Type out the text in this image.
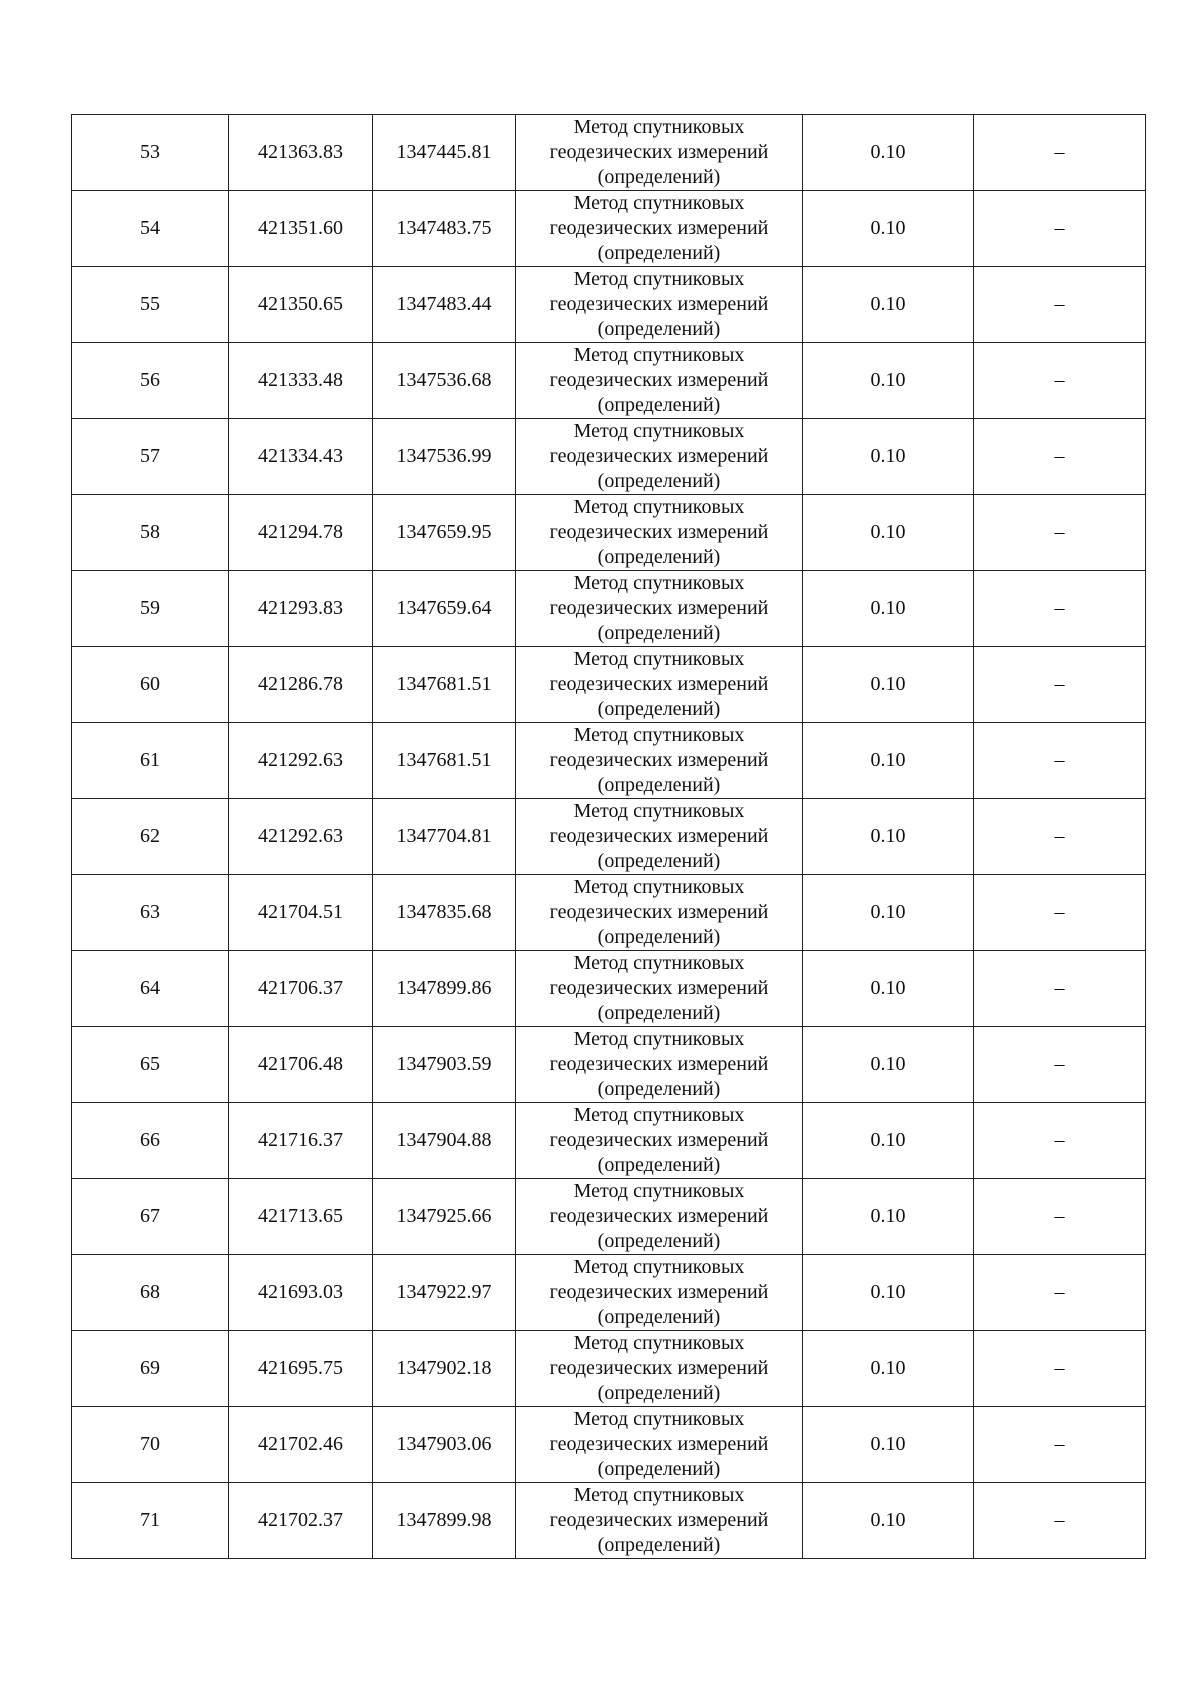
53	421363.83	1347445.81	Метод спутниковых
геодезических измерений
(определений)	0.10	–
54	421351.60	1347483.75	Метод спутниковых
геодезических измерений
(определений)	0.10	–
55	421350.65	1347483.44	Метод спутниковых
геодезических измерений
(определений)	0.10	–
56	421333.48	1347536.68	Метод спутниковых
геодезических измерений
(определений)	0.10	–
57	421334.43	1347536.99	Метод спутниковых
геодезических измерений
(определений)	0.10	–
58	421294.78	1347659.95	Метод спутниковых
геодезических измерений
(определений)	0.10	–
59	421293.83	1347659.64	Метод спутниковых
геодезических измерений
(определений)	0.10	–
60	421286.78	1347681.51	Метод спутниковых
геодезических измерений
(определений)	0.10	–
61	421292.63	1347681.51	Метод спутниковых
геодезических измерений
(определений)	0.10	–
62	421292.63	1347704.81	Метод спутниковых
геодезических измерений
(определений)	0.10	–
63	421704.51	1347835.68	Метод спутниковых
геодезических измерений
(определений)	0.10	–
64	421706.37	1347899.86	Метод спутниковых
геодезических измерений
(определений)	0.10	–
65	421706.48	1347903.59	Метод спутниковых
геодезических измерений
(определений)	0.10	–
66	421716.37	1347904.88	Метод спутниковых
геодезических измерений
(определений)	0.10	–
67	421713.65	1347925.66	Метод спутниковых
геодезических измерений
(определений)	0.10	–
68	421693.03	1347922.97	Метод спутниковых
геодезических измерений
(определений)	0.10	–
69	421695.75	1347902.18	Метод спутниковых
геодезических измерений
(определений)	0.10	–
70	421702.46	1347903.06	Метод спутниковых
геодезических измерений
(определений)	0.10	–
71	421702.37	1347899.98	Метод спутниковых
геодезических измерений
(определений)	0.10	–
